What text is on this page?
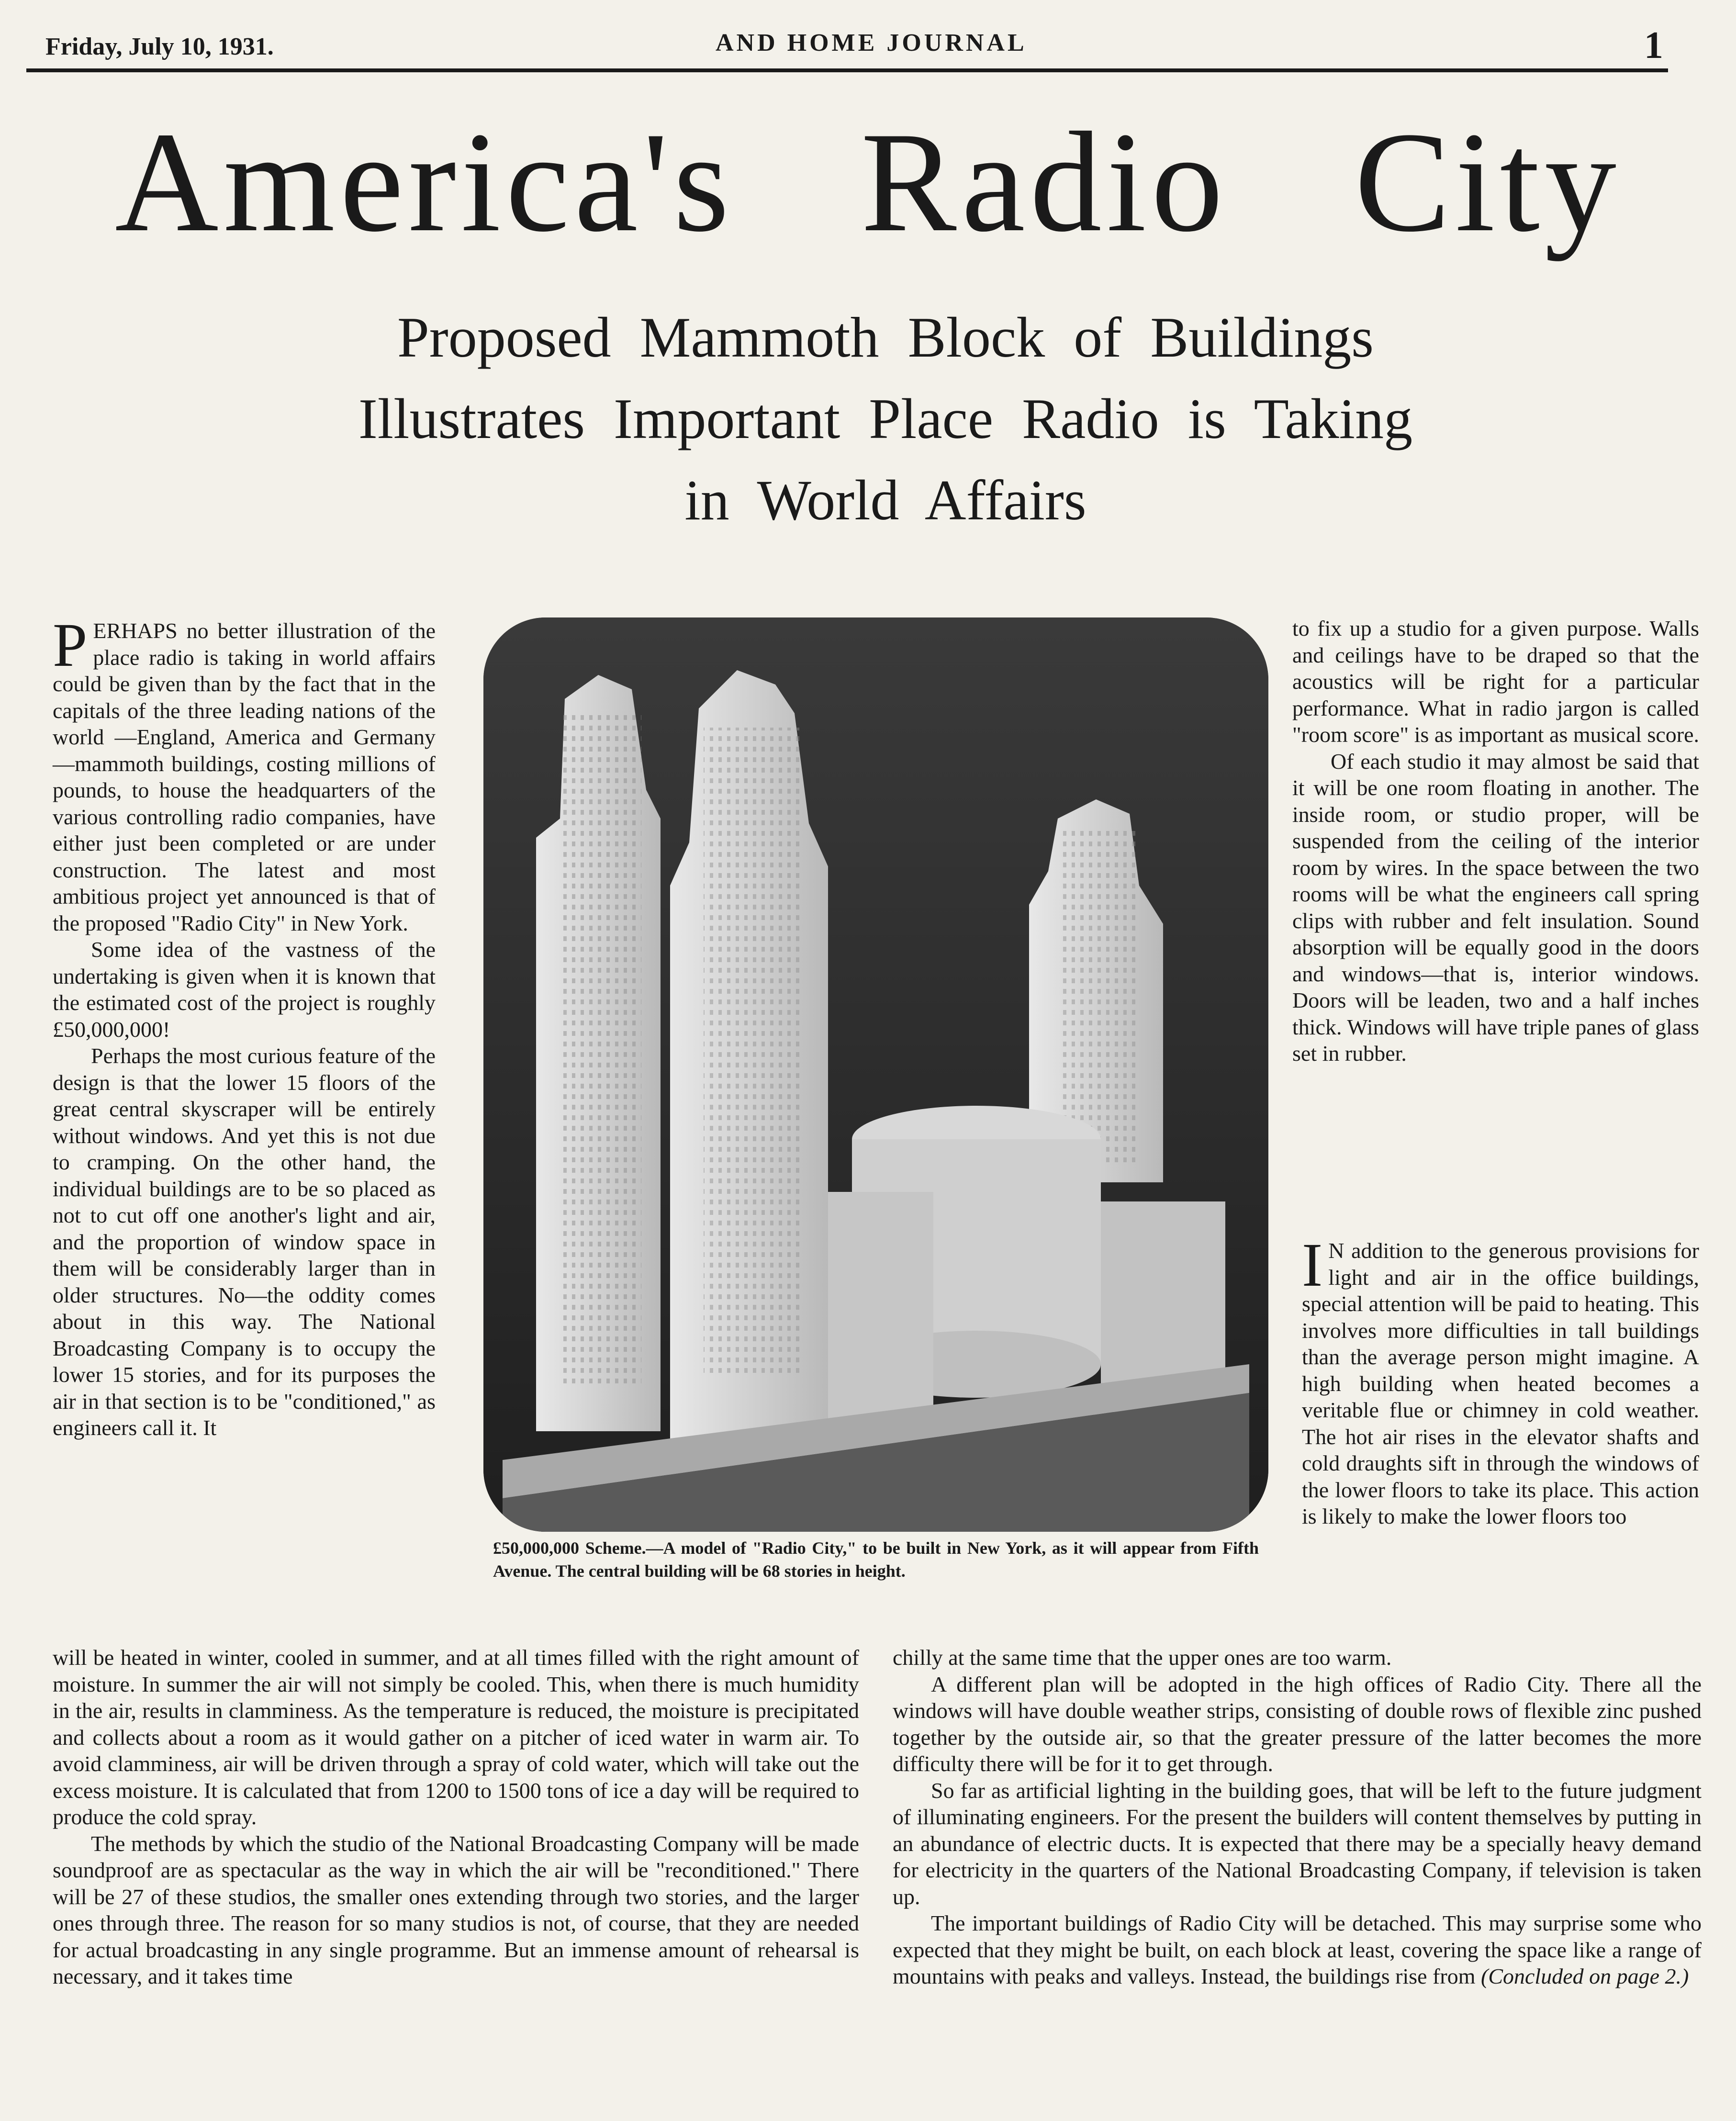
Friday, July 10, 1931.	AND HOME JOURNAL	1
America's Radio City
Proposed Mammoth Block of Buildings
Illustrates Important Place Radio is Taking
in World Affairs

PERHAPS no better illustration of the place radio is taking in world affairs could be given than by the fact that in the capitals of the three leading nations of the world —England, America and Germany —mammoth buildings, costing millions of pounds, to house the headquarters of the various controlling radio companies, have either just been completed or are under construction. The latest and most ambitious project yet announced is that of the proposed "Radio City" in New York.

Some idea of the vastness of the undertaking is given when it is known that the estimated cost of the project is roughly £50,000,000!

Perhaps the most curious feature of the design is that the lower 15 floors of the great central skyscraper will be entirely without windows. And yet this is not due to cramping. On the other hand, the individual buildings are to be so placed as not to cut off one another's light and air, and the proportion of window space in them will be considerably larger than in older structures. No—the oddity comes about in this way. The National Broadcasting Company is to occupy the lower 15 stories, and for its purposes the air in that section is to be "conditioned," as engineers call it. It

£50,000,000 Scheme.—A model of "Radio City," to be built in New York, as it will appear from Fifth Avenue. The central building will be 68 stories in height.

to fix up a studio for a given purpose. Walls and ceilings have to be draped so that the acoustics will be right for a particular performance. What in radio jargon is called "room score" is as important as musical score.

Of each studio it may almost be said that it will be one room floating in another. The inside room, or studio proper, will be suspended from the ceiling of the interior room by wires. In the space between the two rooms will be what the engineers call spring clips with rubber and felt insulation. Sound absorption will be equally good in the doors and windows—that is, interior windows. Doors will be leaden, two and a half inches thick. Windows will have triple panes of glass set in rubber.

I N addition to the generous provisions for light and air in the office buildings, special attention will be paid to heating. This involves more difficulties in tall buildings than the average person might imagine. A high building when heated becomes a veritable flue or chimney in cold weather. The hot air rises in the elevator shafts and cold draughts sift in through the windows of the lower floors to take its place. This action is likely to make the lower floors too

will be heated in winter, cooled in summer, and at all times filled with the right amount of moisture. In summer the air will not simply be cooled. This, when there is much humidity in the air, results in clamminess. As the temperature is reduced, the moisture is precipitated and collects about a room as it would gather on a pitcher of iced water in warm air. To avoid clamminess, air will be driven through a spray of cold water, which will take out the excess moisture. It is calculated that from 1200 to 1500 tons of ice a day will be required to produce the cold spray.

The methods by which the studio of the National Broadcasting Company will be made soundproof are as spectacular as the way in which the air will be "reconditioned." There will be 27 of these studios, the smaller ones extending through two stories, and the larger ones through three. The reason for so many studios is not, of course, that they are needed for actual broadcasting in any single programme. But an immense amount of rehearsal is necessary, and it takes time

chilly at the same time that the upper ones are too warm.

A different plan will be adopted in the high offices of Radio City. There all the windows will have double weather strips, consisting of double rows of flexible zinc pushed together by the outside air, so that the greater pressure of the latter becomes the more difficulty there will be for it to get through.

So far as artificial lighting in the building goes, that will be left to the future judgment of illuminating engineers. For the present the builders will content themselves by putting in an abundance of electric ducts. It is expected that there may be a specially heavy demand for electricity in the quarters of the National Broadcasting Company, if television is taken up.

The important buildings of Radio City will be detached. This may surprise some who expected that they might be built, on each block at least, covering the space like a range of mountains with peaks and valleys. Instead, the buildings rise from (Concluded on page 2.)
